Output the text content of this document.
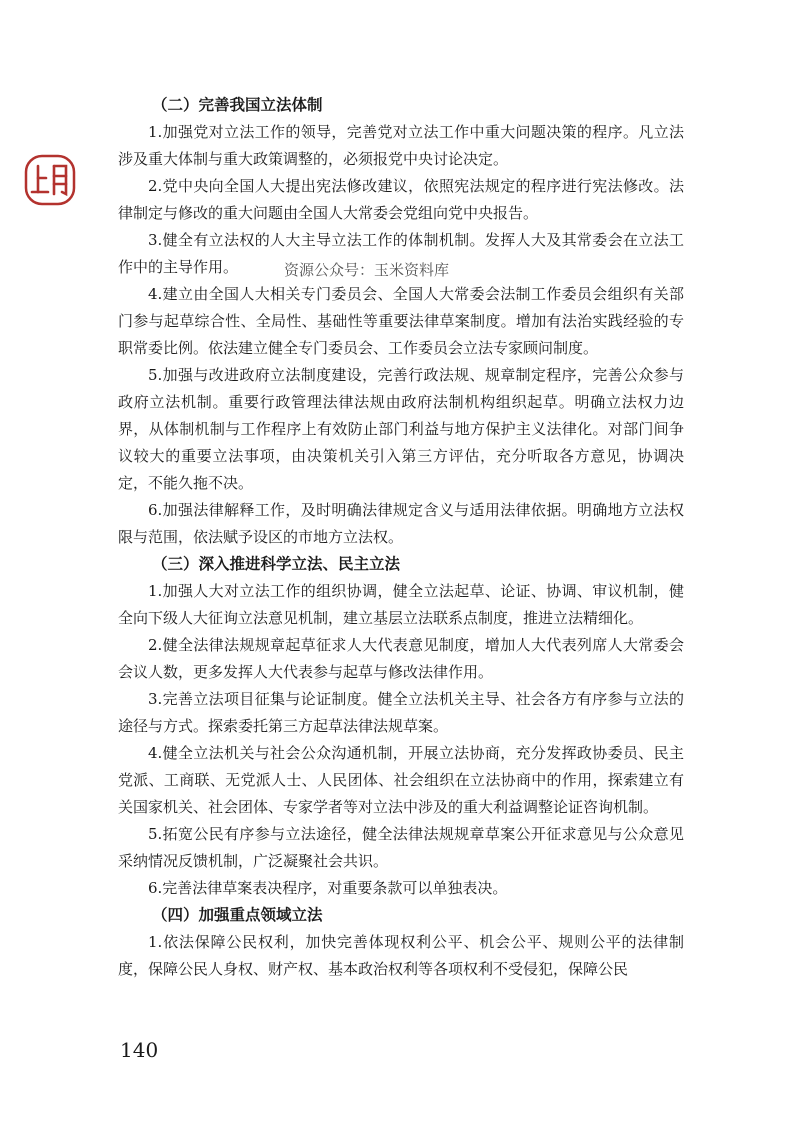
（二）完善我国立法体制

1.加强党对立法工作的领导，完善党对立法工作中重大问题决策的程序。凡立法涉及重大体制与重大政策调整的，必须报党中央讨论决定。

2.党中央向全国人大提出宪法修改建议，依照宪法规定的程序进行宪法修改。法律制定与修改的重大问题由全国人大常委会党组向党中央报告。

3.健全有立法权的人大主导立法工作的体制机制。发挥人大及其常委会在立法工作中的主导作用。

4.建立由全国人大相关专门委员会、全国人大常委会法制工作委员会组织有关部门参与起草综合性、全局性、基础性等重要法律草案制度。增加有法治实践经验的专职常委比例。依法建立健全专门委员会、工作委员会立法专家顾问制度。

5.加强与改进政府立法制度建设，完善行政法规、规章制定程序，完善公众参与政府立法机制。重要行政管理法律法规由政府法制机构组织起草。明确立法权力边界，从体制机制与工作程序上有效防止部门利益与地方保护主义法律化。对部门间争议较大的重要立法事项，由决策机关引入第三方评估，充分听取各方意见，协调决定，不能久拖不决。

6.加强法律解释工作，及时明确法律规定含义与适用法律依据。明确地方立法权限与范围，依法赋予设区的市地方立法权。

（三）深入推进科学立法、民主立法

1.加强人大对立法工作的组织协调，健全立法起草、论证、协调、审议机制，健全向下级人大征询立法意见机制，建立基层立法联系点制度，推进立法精细化。

2.健全法律法规规章起草征求人大代表意见制度，增加人大代表列席人大常委会会议人数，更多发挥人大代表参与起草与修改法律作用。

3.完善立法项目征集与论证制度。健全立法机关主导、社会各方有序参与立法的途径与方式。探索委托第三方起草法律法规草案。

4.健全立法机关与社会公众沟通机制，开展立法协商，充分发挥政协委员、民主党派、工商联、无党派人士、人民团体、社会组织在立法协商中的作用，探索建立有关国家机关、社会团体、专家学者等对立法中涉及的重大利益调整论证咨询机制。

5.拓宽公民有序参与立法途径，健全法律法规规章草案公开征求意见与公众意见采纳情况反馈机制，广泛凝聚社会共识。

6.完善法律草案表决程序，对重要条款可以单独表决。

（四）加强重点领域立法

1.依法保障公民权利，加快完善体现权利公平、机会公平、规则公平的法律制度，保障公民人身权、财产权、基本政治权利等各项权利不受侵犯，保障公民

资源公众号：玉米资料库
140
